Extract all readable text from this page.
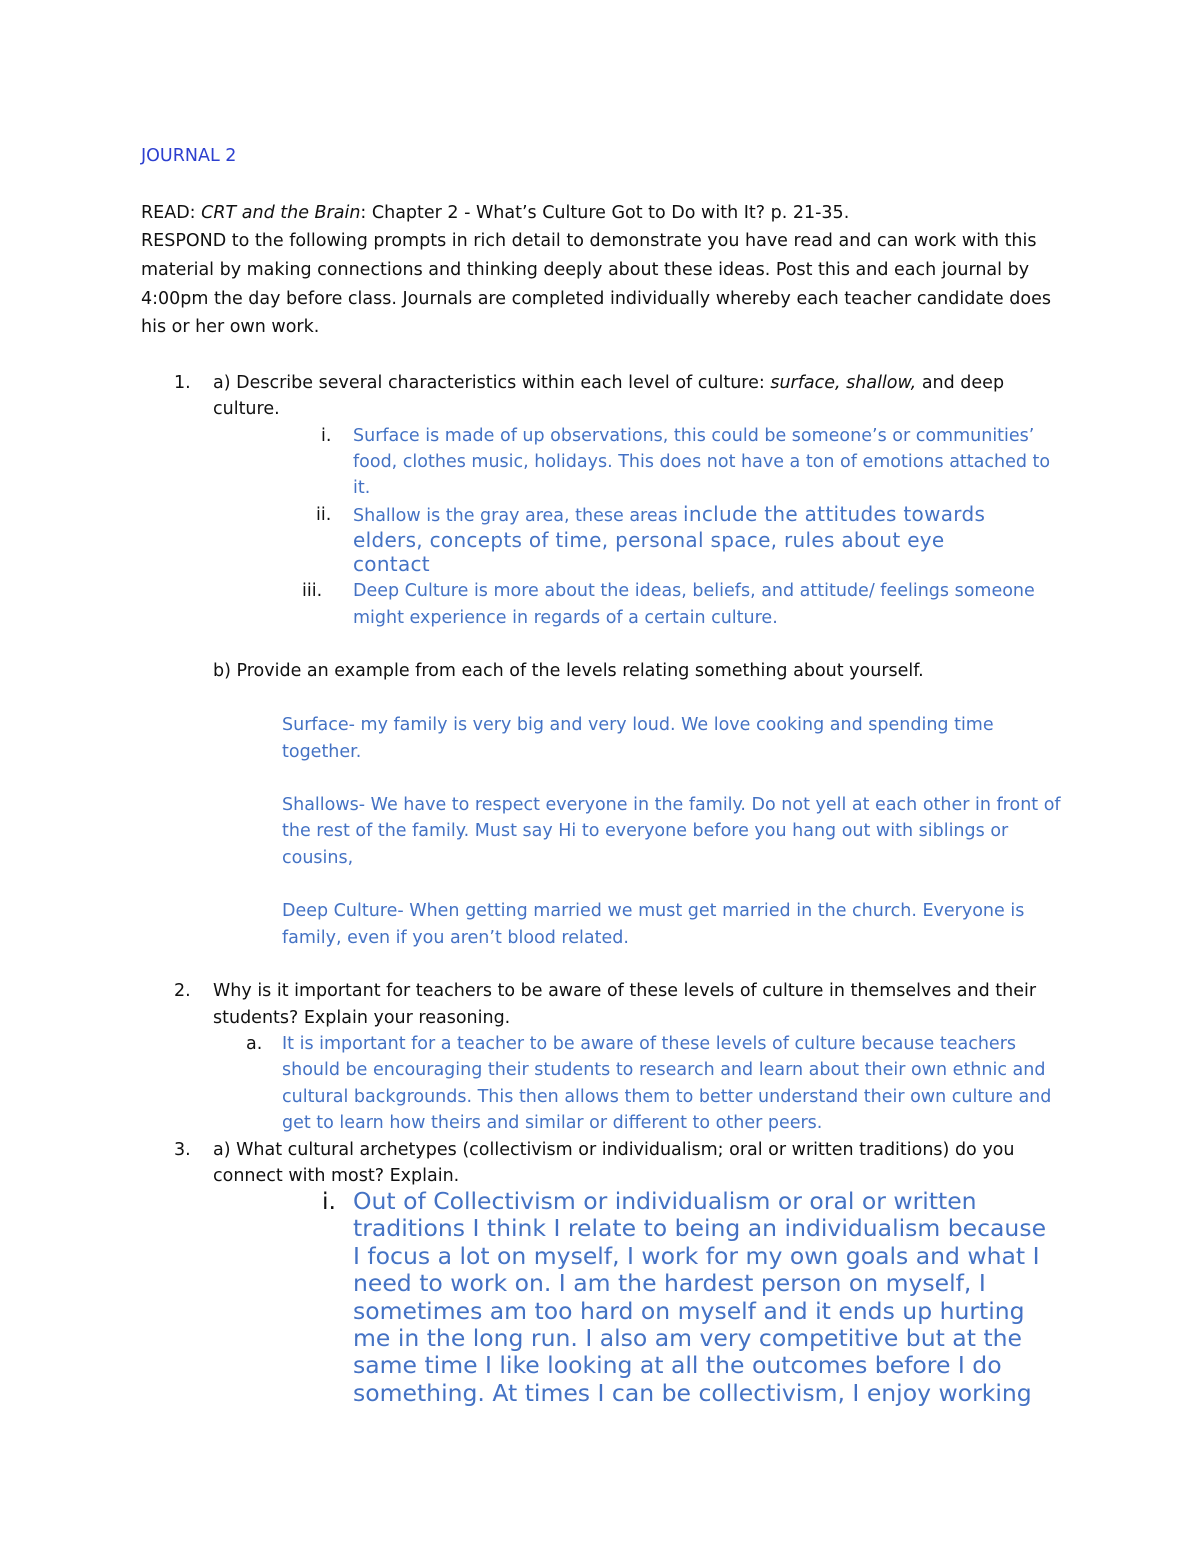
JOURNAL 2
READ: CRT and the Brain: Chapter 2 - What’s Culture Got to Do with It? p. 21-35.
RESPOND to the following prompts in rich detail to demonstrate you have read and can work with this
material by making connections and thinking deeply about these ideas. Post this and each journal by
4:00pm the day before class. Journals are completed individually whereby each teacher candidate does
his or her own work.
1. a) Describe several characteristics within each level of culture: surface, shallow, and deep
culture.
i. Surface is made of up observations, this could be someone’s or communities’
food, clothes music, holidays. This does not have a ton of emotions attached to
it.
ii. Shallow is the gray area, these areas include the attitudes towards
elders, concepts of time, personal space, rules about eye
contact
iii. Deep Culture is more about the ideas, beliefs, and attitude/ feelings someone
might experience in regards of a certain culture.
b) Provide an example from each of the levels relating something about yourself.
Surface- my family is very big and very loud. We love cooking and spending time
together.
Shallows- We have to respect everyone in the family. Do not yell at each other in front of
the rest of the family. Must say Hi to everyone before you hang out with siblings or
cousins,
Deep Culture- When getting married we must get married in the church. Everyone is
family, even if you aren’t blood related.
2. Why is it important for teachers to be aware of these levels of culture in themselves and their
students? Explain your reasoning.
a. It is important for a teacher to be aware of these levels of culture because teachers
should be encouraging their students to research and learn about their own ethnic and
cultural backgrounds. This then allows them to better understand their own culture and
get to learn how theirs and similar or different to other peers.
3. a) What cultural archetypes (collectivism or individualism; oral or written traditions) do you
connect with most? Explain.
i. Out of Collectivism or individualism or oral or written
traditions I think I relate to being an individualism because
I focus a lot on myself, I work for my own goals and what I
need to work on. I am the hardest person on myself, I
sometimes am too hard on myself and it ends up hurting
me in the long run. I also am very competitive but at the
same time I like looking at all the outcomes before I do
something. At times I can be collectivism, I enjoy working
